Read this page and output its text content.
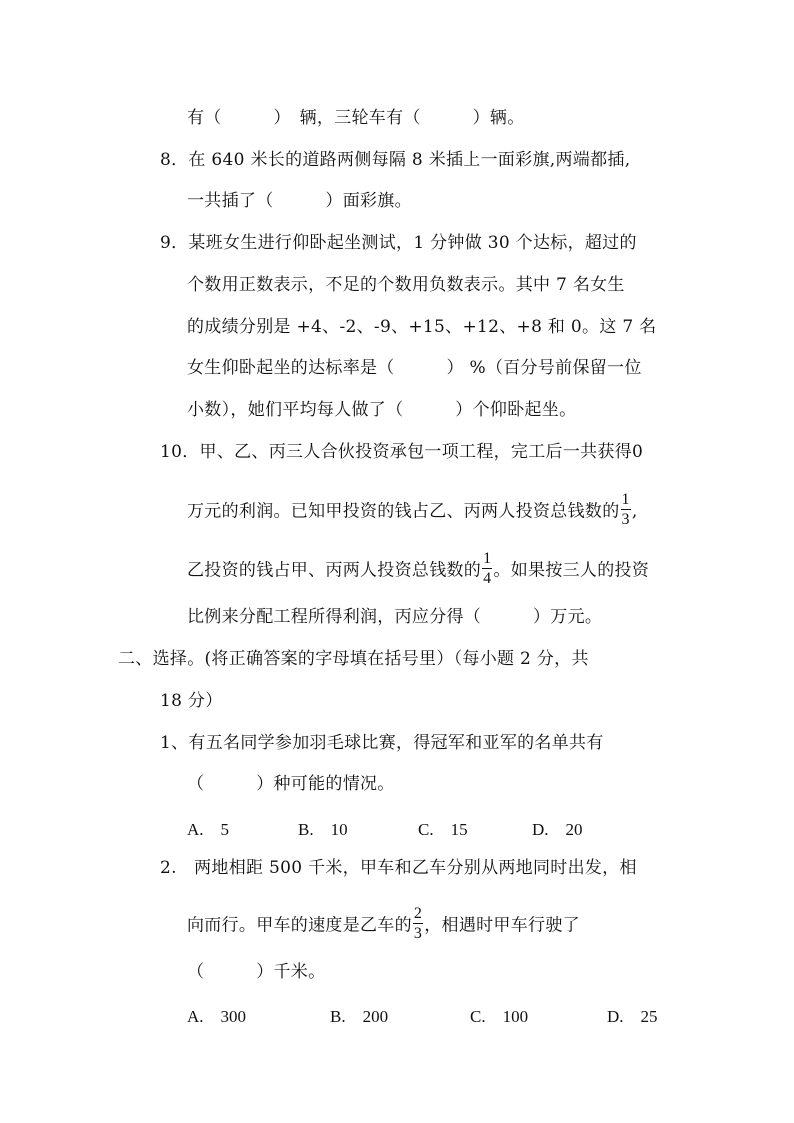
有（　　　）　辆，三轮车有（　　　）辆。
8．在 640 米长的道路两侧每隔 8 米插上一面彩旗,两端都插,
一共插了（　　　）面彩旗。
9．某班女生进行仰卧起坐测试，1 分钟做 30 个达标，超过的
个数用正数表示，不足的个数用负数表示。其中 7 名女生
的成绩分别是 +4、-2、-9、+15、+12、+8 和 0。这 7 名
女生仰卧起坐的达标率是（　　　） %（百分号前保留一位
小数），她们平均每人做了（　　　）个仰卧起坐。
10．甲、乙、丙三人合伙投资承包一项工程，完工后一共获得0
万元的利润。已知甲投资的钱占乙、丙两人投资总钱数的 $\frac{1}{3}$ ,
乙投资的钱占甲、丙两人投资总钱数的 $\frac{1}{4}$ 。如果按三人的投资
比例来分配工程所得利润，丙应分得（　　　）万元。
二、选择。(将正确答案的字母填在括号里）（每小题 2 分，共
18 分）
1、有五名同学参加羽毛球比赛，得冠军和亚军的名单共有
（　　　）种可能的情况。
A.　5	B.　10	C.　15	D.　20
2.　两地相距 500 千米，甲车和乙车分别从两地同时出发，相
向而行。甲车的速度是乙车的 $\frac{2}{3}$ ，相遇时甲车行驶了
（　　　）千米。
A.　300	B.　200	C.　100	D.　25
